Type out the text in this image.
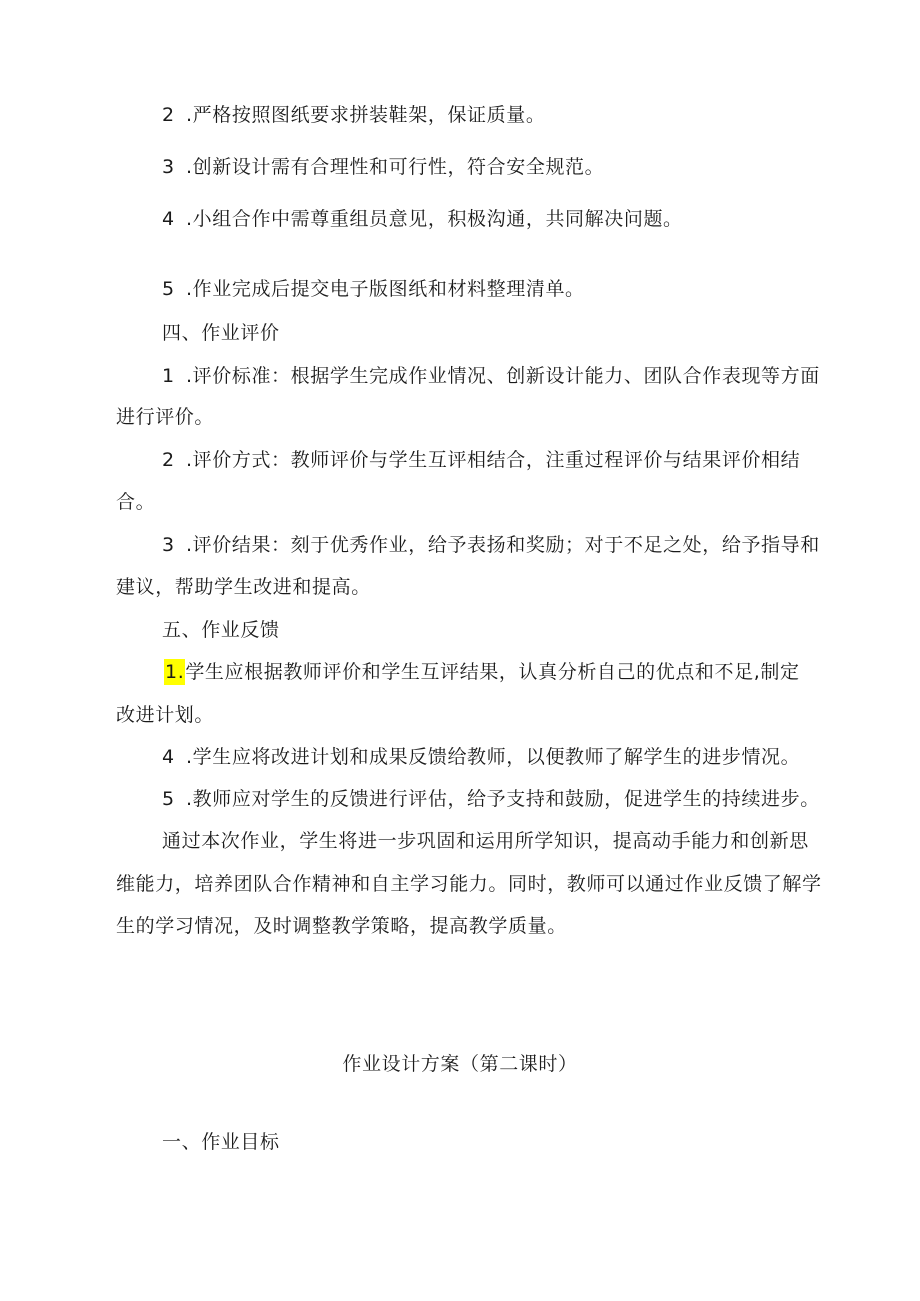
2 .严格按照图纸要求拼装鞋架，保证质量。
3 .创新设计需有合理性和可行性，符合安全规范。
4 .小组合作中需尊重组员意见，积极沟通，共同解决问题。
5 .作业完成后提交电子版图纸和材料整理清单。
四、作业评价
1 .评价标准：根据学生完成作业情况、创新设计能力、团队合作表现等方面
进行评价。
2 .评价方式：教师评价与学生互评相结合，注重过程评价与结果评价相结
合。
3 .评价结果：刻于优秀作业，给予表扬和奖励；对于不足之处，给予指导和
建议，帮助学生改进和提高。
五、作业反馈
1.学生应根据教师评价和学生互评结果，认真分析自己的优点和不足,制定
改进计划。
4 .学生应将改进计划和成果反馈给教师，以便教师了解学生的进步情况。
5 .教师应对学生的反馈进行评估，给予支持和鼓励，促进学生的持续进步。
通过本次作业，学生将进一步巩固和运用所学知识，提高动手能力和创新思
维能力，培养团队合作精神和自主学习能力。同时，教师可以通过作业反馈了解学
生的学习情况，及时调整教学策略，提高教学质量。
作业设计方案（第二课时）
一、作业目标
